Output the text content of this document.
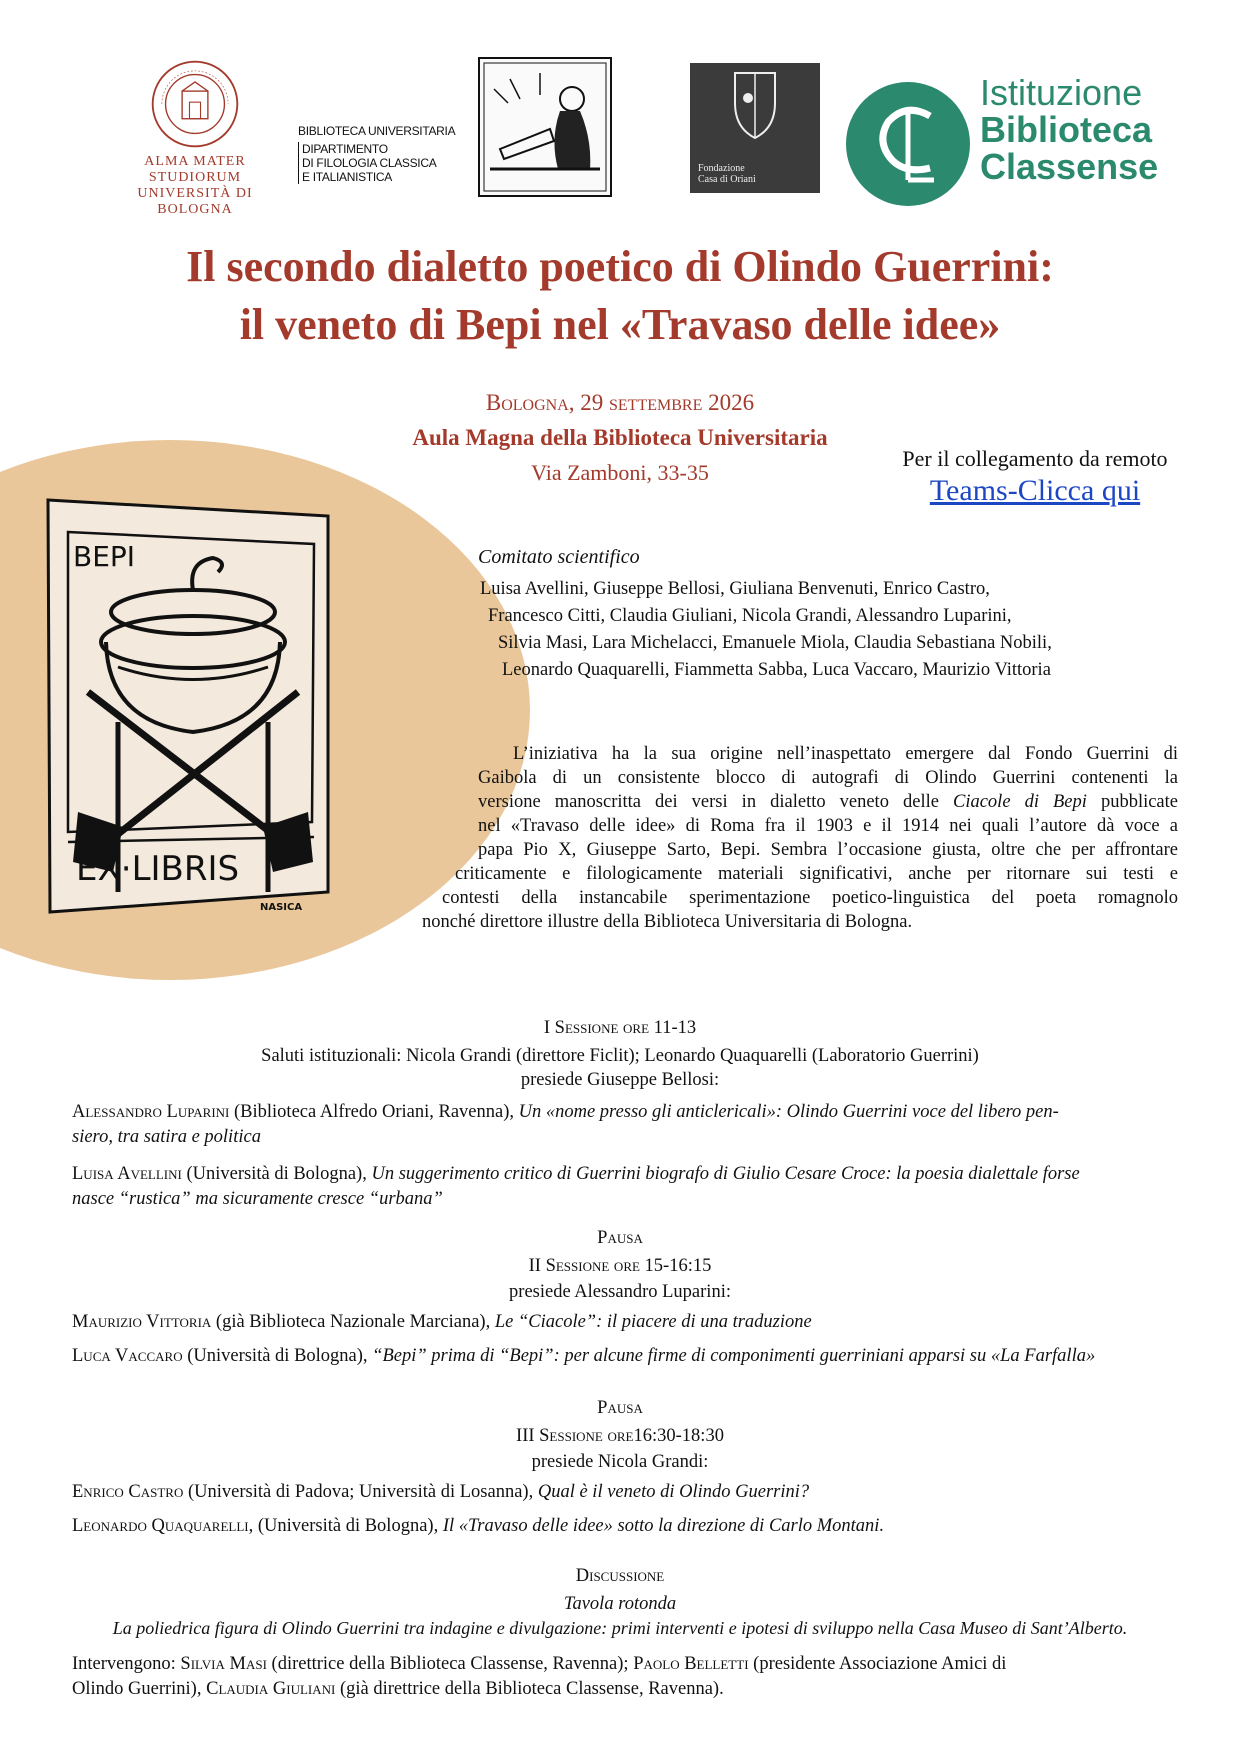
ALMA MATER STUDIORUM
UNIVERSITÀ DI BOLOGNA
BIBLIOTECA UNIVERSITARIA
DIPARTIMENTO
DI FILOLOGIA CLASSICA
E ITALIANISTICA
Fondazione
Casa di Oriani
Istituzione
Biblioteca
Classense
Il secondo dialetto poetico di Olindo Guerrini:
il veneto di Bepi nel «Travaso delle idee»
Bologna, 29 settembre 2026
Aula Magna della Biblioteca Universitaria
Via Zamboni, 33-35
Per il collegamento da remoto
Teams-Clicca qui
BEPI
EX·LIBRIS
NASICA
Comitato scientifico
Luisa Avellini, Giuseppe Bellosi, Giuliana Benvenuti, Enrico Castro,
Francesco Citti, Claudia Giuliani, Nicola Grandi, Alessandro Luparini,
Silvia Masi, Lara Michelacci, Emanuele Miola, Claudia Sebastiana Nobili,
Leonardo Quaquarelli, Fiammetta Sabba, Luca Vaccaro, Maurizio Vittoria
L’iniziativa ha la sua origine nell’inaspettato emergere dal Fondo Guerrini di
Gaibola di un consistente blocco di autografi di Olindo Guerrini contenenti la
versione manoscritta dei versi in dialetto veneto delle Ciacole di Bepi pubblicate
nel «Travaso delle idee» di Roma fra il 1903 e il 1914 nei quali l’autore dà voce a
papa Pio X, Giuseppe Sarto, Bepi. Sembra l’occasione giusta, oltre che per affrontare
criticamente e filologicamente materiali significativi, anche per ritornare sui testi e
contesti della instancabile sperimentazione poetico-linguistica del poeta romagnolo
nonché direttore illustre della Biblioteca Universitaria di Bologna.
I Sessione ore 11-13
Saluti istituzionali: Nicola Grandi (direttore Ficlit); Leonardo Quaquarelli (Laboratorio Guerrini)
presiede Giuseppe Bellosi:
Alessandro Luparini (Biblioteca Alfredo Oriani, Ravenna), Un «nome presso gli anticlericali»: Olindo Guerrini voce del libero pen-
siero, tra satira e politica
Luisa Avellini (Università di Bologna), Un suggerimento critico di Guerrini biografo di Giulio Cesare Croce: la poesia dialettale forse
nasce “rustica” ma sicuramente cresce “urbana”
Pausa
II Sessione ore 15-16:15
presiede Alessandro Luparini:
Maurizio Vittoria (già Biblioteca Nazionale Marciana), Le “Ciacole”: il piacere di una traduzione
Luca Vaccaro (Università di Bologna), “Bepi” prima di “Bepi”: per alcune firme di componimenti guerriniani apparsi su «La Farfalla»
Pausa
III Sessione ore16:30-18:30
presiede Nicola Grandi:
Enrico Castro (Università di Padova; Università di Losanna), Qual è il veneto di Olindo Guerrini?
Leonardo Quaquarelli, (Università di Bologna), Il «Travaso delle idee» sotto la direzione di Carlo Montani.
Discussione
Tavola rotonda
La poliedrica figura di Olindo Guerrini tra indagine e divulgazione: primi interventi e ipotesi di sviluppo nella Casa Museo di Sant’Alberto.
Intervengono: Silvia Masi (direttrice della Biblioteca Classense, Ravenna); Paolo Belletti (presidente Associazione Amici di
Olindo Guerrini), Claudia Giuliani (già direttrice della Biblioteca Classense, Ravenna).
